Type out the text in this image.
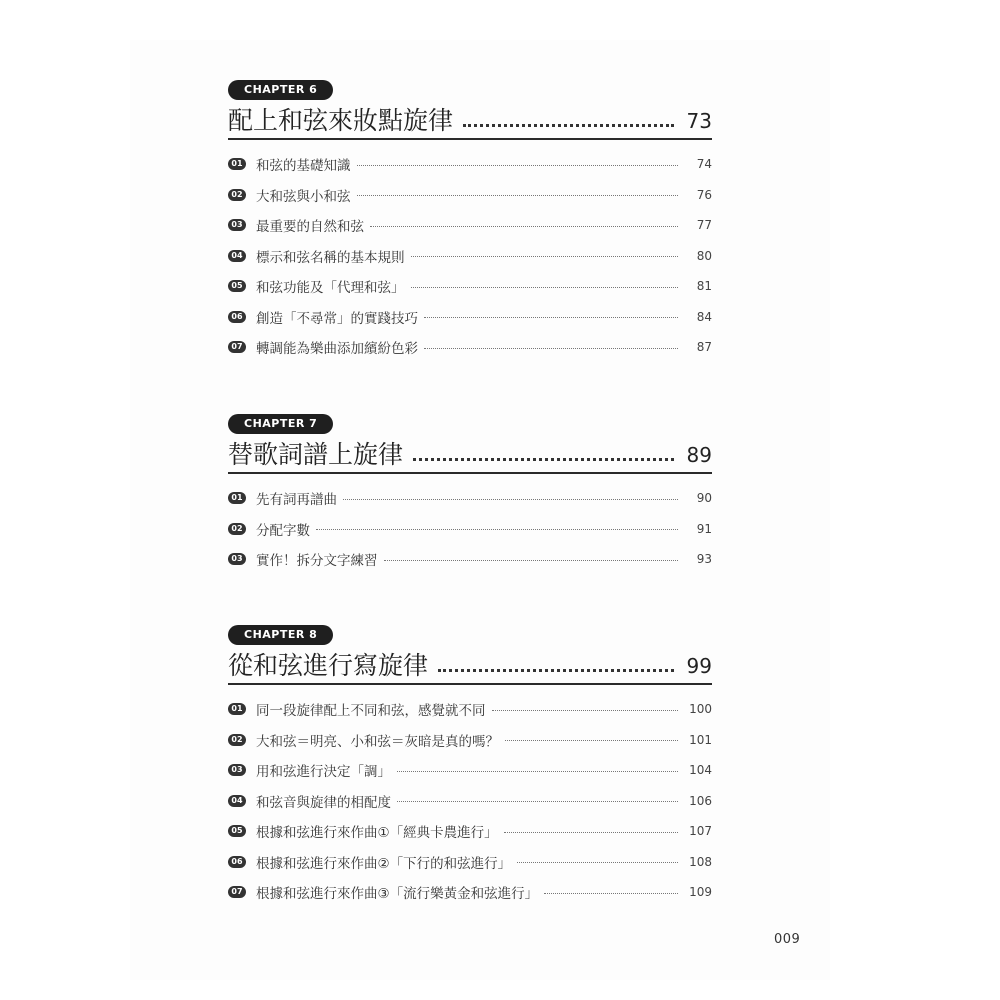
CHAPTER 6
配上和弦來妝點旋律	73
01 和弦的基礎知識	74
02 大和弦與小和弦	76
03 最重要的自然和弦	77
04 標示和弦名稱的基本規則	80
05 和弦功能及「代理和弦」	81
06 創造「不尋常」的實踐技巧	84
07 轉調能為樂曲添加繽紛色彩	87
CHAPTER 7
替歌詞譜上旋律	89
01 先有詞再譜曲	90
02 分配字數	91
03 實作！拆分文字練習	93
CHAPTER 8
從和弦進行寫旋律	99
01 同一段旋律配上不同和弦，感覺就不同	100
02 大和弦＝明亮、小和弦＝灰暗是真的嗎？	101
03 用和弦進行決定「調」	104
04 和弦音與旋律的相配度	106
05 根據和弦進行來作曲①「經典卡農進行」	107
06 根據和弦進行來作曲②「下行的和弦進行」	108
07 根據和弦進行來作曲③「流行樂黃金和弦進行」	109
009
